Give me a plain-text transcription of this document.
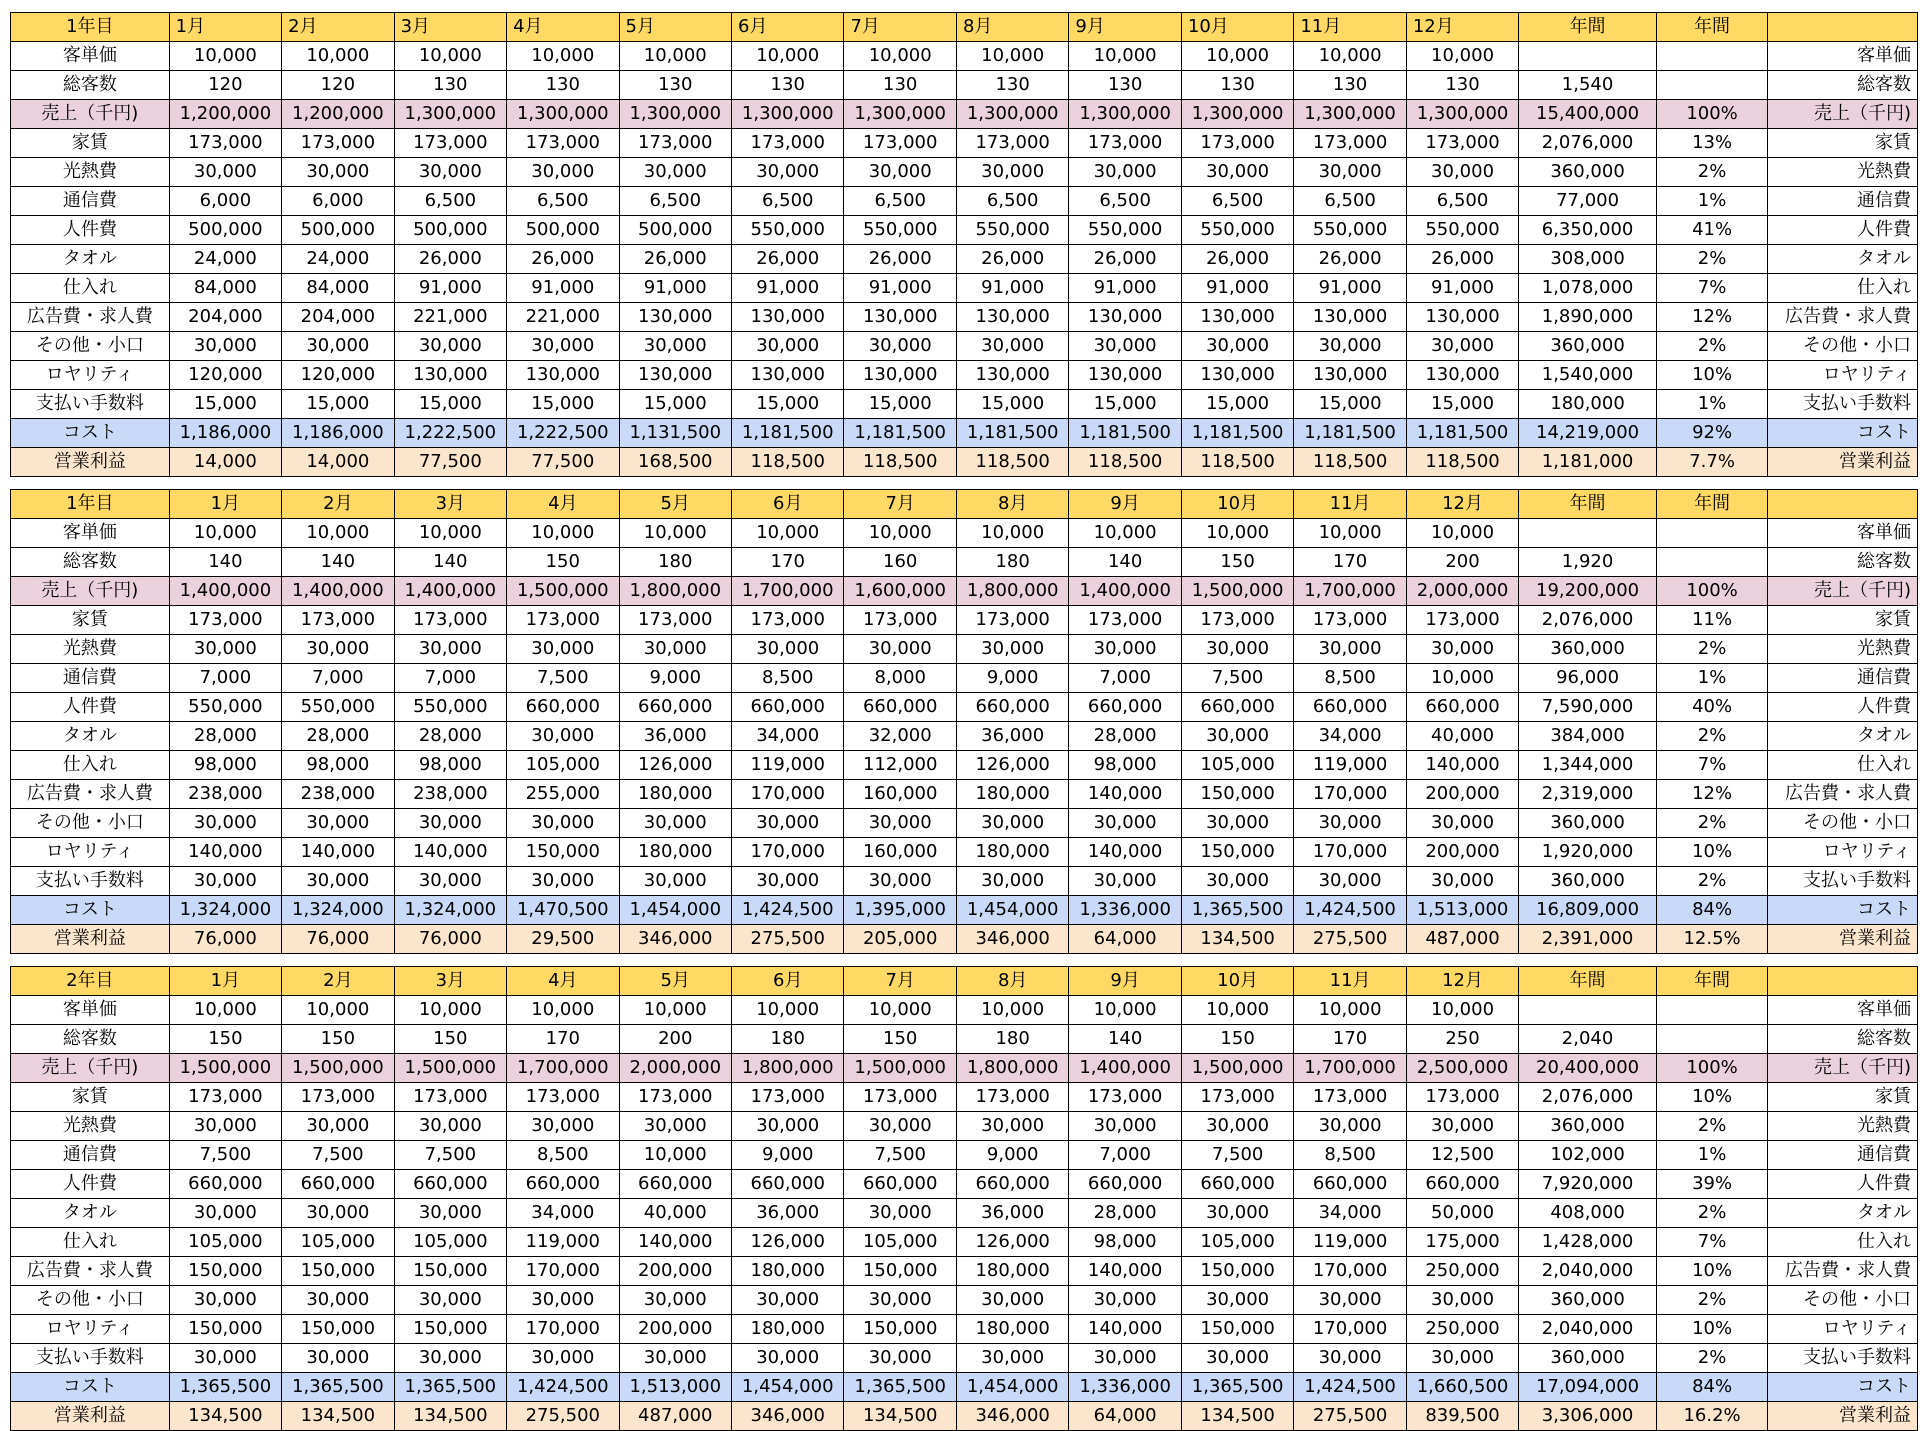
1年目	1月	2月	3月	4月	5月	6月	7月	8月	9月	10月	11月	12月	年間	年間	
客単価	10,000	10,000	10,000	10,000	10,000	10,000	10,000	10,000	10,000	10,000	10,000	10,000			客単価
総客数	120	120	130	130	130	130	130	130	130	130	130	130	1,540		総客数
売上（千円)	1,200,000	1,200,000	1,300,000	1,300,000	1,300,000	1,300,000	1,300,000	1,300,000	1,300,000	1,300,000	1,300,000	1,300,000	15,400,000	100%	売上（千円)
家賃	173,000	173,000	173,000	173,000	173,000	173,000	173,000	173,000	173,000	173,000	173,000	173,000	2,076,000	13%	家賃
光熱費	30,000	30,000	30,000	30,000	30,000	30,000	30,000	30,000	30,000	30,000	30,000	30,000	360,000	2%	光熱費
通信費	6,000	6,000	6,500	6,500	6,500	6,500	6,500	6,500	6,500	6,500	6,500	6,500	77,000	1%	通信費
人件費	500,000	500,000	500,000	500,000	500,000	550,000	550,000	550,000	550,000	550,000	550,000	550,000	6,350,000	41%	人件費
タオル	24,000	24,000	26,000	26,000	26,000	26,000	26,000	26,000	26,000	26,000	26,000	26,000	308,000	2%	タオル
仕入れ	84,000	84,000	91,000	91,000	91,000	91,000	91,000	91,000	91,000	91,000	91,000	91,000	1,078,000	7%	仕入れ
広告費・求人費	204,000	204,000	221,000	221,000	130,000	130,000	130,000	130,000	130,000	130,000	130,000	130,000	1,890,000	12%	広告費・求人費
その他・小口	30,000	30,000	30,000	30,000	30,000	30,000	30,000	30,000	30,000	30,000	30,000	30,000	360,000	2%	その他・小口
ロヤリティ	120,000	120,000	130,000	130,000	130,000	130,000	130,000	130,000	130,000	130,000	130,000	130,000	1,540,000	10%	ロヤリティ
支払い手数料	15,000	15,000	15,000	15,000	15,000	15,000	15,000	15,000	15,000	15,000	15,000	15,000	180,000	1%	支払い手数料
コスト	1,186,000	1,186,000	1,222,500	1,222,500	1,131,500	1,181,500	1,181,500	1,181,500	1,181,500	1,181,500	1,181,500	1,181,500	14,219,000	92%	コスト
営業利益	14,000	14,000	77,500	77,500	168,500	118,500	118,500	118,500	118,500	118,500	118,500	118,500	1,181,000	7.7%	営業利益
1年目	1月	2月	3月	4月	5月	6月	7月	8月	9月	10月	11月	12月	年間	年間	
客単価	10,000	10,000	10,000	10,000	10,000	10,000	10,000	10,000	10,000	10,000	10,000	10,000			客単価
総客数	140	140	140	150	180	170	160	180	140	150	170	200	1,920		総客数
売上（千円)	1,400,000	1,400,000	1,400,000	1,500,000	1,800,000	1,700,000	1,600,000	1,800,000	1,400,000	1,500,000	1,700,000	2,000,000	19,200,000	100%	売上（千円)
家賃	173,000	173,000	173,000	173,000	173,000	173,000	173,000	173,000	173,000	173,000	173,000	173,000	2,076,000	11%	家賃
光熱費	30,000	30,000	30,000	30,000	30,000	30,000	30,000	30,000	30,000	30,000	30,000	30,000	360,000	2%	光熱費
通信費	7,000	7,000	7,000	7,500	9,000	8,500	8,000	9,000	7,000	7,500	8,500	10,000	96,000	1%	通信費
人件費	550,000	550,000	550,000	660,000	660,000	660,000	660,000	660,000	660,000	660,000	660,000	660,000	7,590,000	40%	人件費
タオル	28,000	28,000	28,000	30,000	36,000	34,000	32,000	36,000	28,000	30,000	34,000	40,000	384,000	2%	タオル
仕入れ	98,000	98,000	98,000	105,000	126,000	119,000	112,000	126,000	98,000	105,000	119,000	140,000	1,344,000	7%	仕入れ
広告費・求人費	238,000	238,000	238,000	255,000	180,000	170,000	160,000	180,000	140,000	150,000	170,000	200,000	2,319,000	12%	広告費・求人費
その他・小口	30,000	30,000	30,000	30,000	30,000	30,000	30,000	30,000	30,000	30,000	30,000	30,000	360,000	2%	その他・小口
ロヤリティ	140,000	140,000	140,000	150,000	180,000	170,000	160,000	180,000	140,000	150,000	170,000	200,000	1,920,000	10%	ロヤリティ
支払い手数料	30,000	30,000	30,000	30,000	30,000	30,000	30,000	30,000	30,000	30,000	30,000	30,000	360,000	2%	支払い手数料
コスト	1,324,000	1,324,000	1,324,000	1,470,500	1,454,000	1,424,500	1,395,000	1,454,000	1,336,000	1,365,500	1,424,500	1,513,000	16,809,000	84%	コスト
営業利益	76,000	76,000	76,000	29,500	346,000	275,500	205,000	346,000	64,000	134,500	275,500	487,000	2,391,000	12.5%	営業利益
2年目	1月	2月	3月	4月	5月	6月	7月	8月	9月	10月	11月	12月	年間	年間	
客単価	10,000	10,000	10,000	10,000	10,000	10,000	10,000	10,000	10,000	10,000	10,000	10,000			客単価
総客数	150	150	150	170	200	180	150	180	140	150	170	250	2,040		総客数
売上（千円)	1,500,000	1,500,000	1,500,000	1,700,000	2,000,000	1,800,000	1,500,000	1,800,000	1,400,000	1,500,000	1,700,000	2,500,000	20,400,000	100%	売上（千円)
家賃	173,000	173,000	173,000	173,000	173,000	173,000	173,000	173,000	173,000	173,000	173,000	173,000	2,076,000	10%	家賃
光熱費	30,000	30,000	30,000	30,000	30,000	30,000	30,000	30,000	30,000	30,000	30,000	30,000	360,000	2%	光熱費
通信費	7,500	7,500	7,500	8,500	10,000	9,000	7,500	9,000	7,000	7,500	8,500	12,500	102,000	1%	通信費
人件費	660,000	660,000	660,000	660,000	660,000	660,000	660,000	660,000	660,000	660,000	660,000	660,000	7,920,000	39%	人件費
タオル	30,000	30,000	30,000	34,000	40,000	36,000	30,000	36,000	28,000	30,000	34,000	50,000	408,000	2%	タオル
仕入れ	105,000	105,000	105,000	119,000	140,000	126,000	105,000	126,000	98,000	105,000	119,000	175,000	1,428,000	7%	仕入れ
広告費・求人費	150,000	150,000	150,000	170,000	200,000	180,000	150,000	180,000	140,000	150,000	170,000	250,000	2,040,000	10%	広告費・求人費
その他・小口	30,000	30,000	30,000	30,000	30,000	30,000	30,000	30,000	30,000	30,000	30,000	30,000	360,000	2%	その他・小口
ロヤリティ	150,000	150,000	150,000	170,000	200,000	180,000	150,000	180,000	140,000	150,000	170,000	250,000	2,040,000	10%	ロヤリティ
支払い手数料	30,000	30,000	30,000	30,000	30,000	30,000	30,000	30,000	30,000	30,000	30,000	30,000	360,000	2%	支払い手数料
コスト	1,365,500	1,365,500	1,365,500	1,424,500	1,513,000	1,454,000	1,365,500	1,454,000	1,336,000	1,365,500	1,424,500	1,660,500	17,094,000	84%	コスト
営業利益	134,500	134,500	134,500	275,500	487,000	346,000	134,500	346,000	64,000	134,500	275,500	839,500	3,306,000	16.2%	営業利益
